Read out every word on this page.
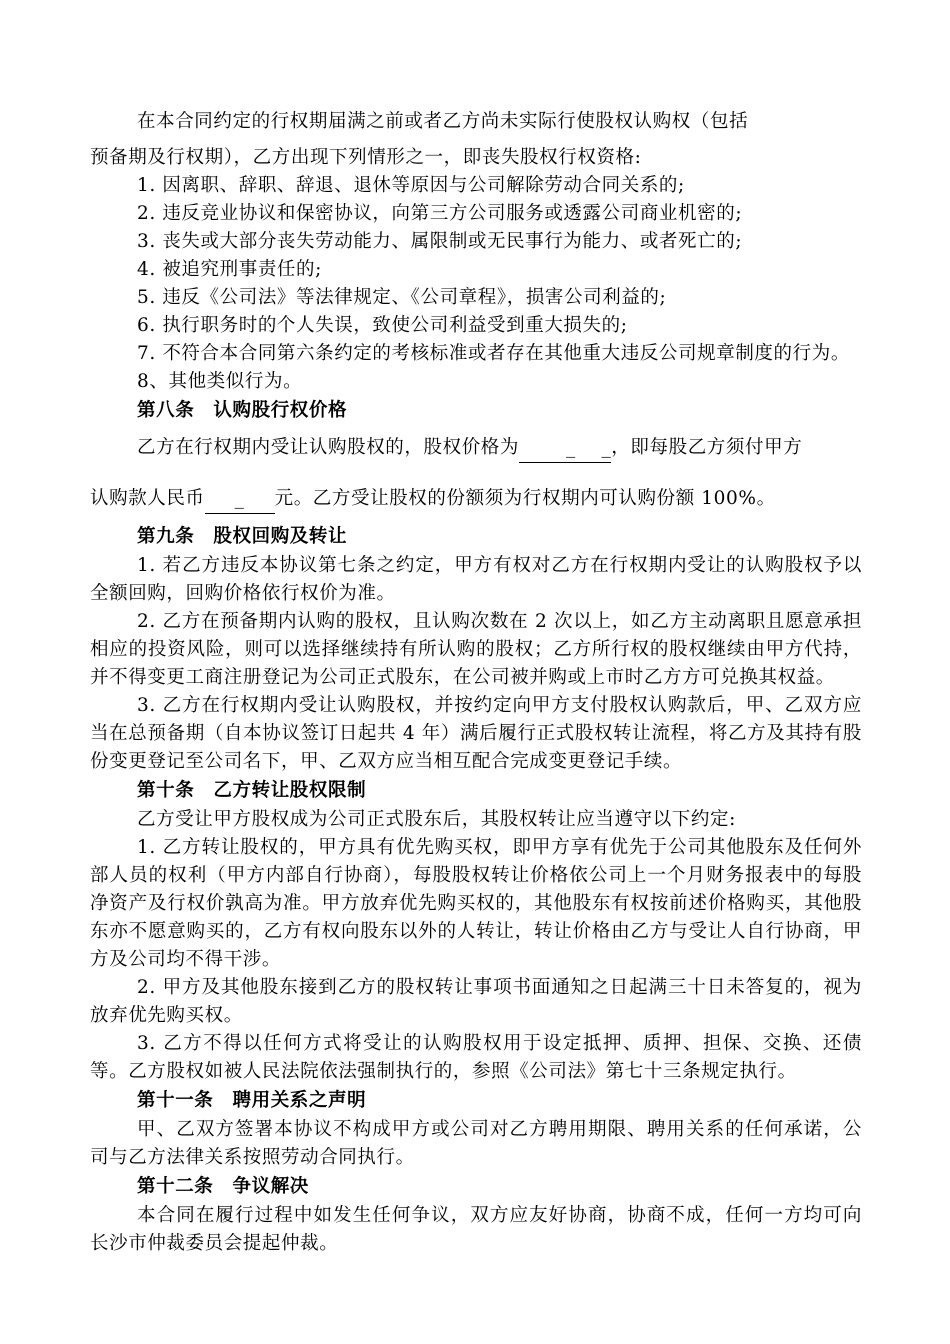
在本合同约定的行权期届满之前或者乙方尚未实际行使股权认购权（包括

预备期及行权期），乙方出现下列情形之一，即丧失股权行权资格:

1. 因离职、辞职、辞退、退休等原因与公司解除劳动合同关系的;

2. 违反竞业协议和保密协议，向第三方公司服务或透露公司商业机密的;

3. 丧失或大部分丧失劳动能力、属限制或无民事行为能力、或者死亡的;

4. 被追究刑事责任的;

5. 违反《公司法》等法律规定、《公司章程》，损害公司利益的;

6. 执行职务时的个人失误，致使公司利益受到重大损失的;

7. 不符合本合同第六条约定的考核标准或者存在其他重大违反公司规章制度的行为。

8、其他类似行为。

第八条　认购股行权价格

乙方在行权期内受让认购股权的，股权价格为	_　 _，即每股乙方须付甲方

认购款人民币 _ 元。乙方受让股权的份额须为行权期内可认购份额 100%。

第九条　股权回购及转让

1. 若乙方违反本协议第七条之约定，甲方有权对乙方在行权期内受让的认购股权予以全额回购，回购价格依行权价为准。

2. 乙方在预备期内认购的股权，且认购次数在 2 次以上，如乙方主动离职且愿意承担相应的投资风险，则可以选择继续持有所认购的股权；乙方所行权的股权继续由甲方代持，并不得变更工商注册登记为公司正式股东，在公司被并购或上市时乙方方可兑换其权益。

3. 乙方在行权期内受让认购股权，并按约定向甲方支付股权认购款后，甲、乙双方应当在总预备期（自本协议签订日起共 4 年）满后履行正式股权转让流程，将乙方及其持有股份变更登记至公司名下，甲、乙双方应当相互配合完成变更登记手续。

第十条　乙方转让股权限制

乙方受让甲方股权成为公司正式股东后，其股权转让应当遵守以下约定:

1. 乙方转让股权的，甲方具有优先购买权，即甲方享有优先于公司其他股东及任何外部人员的权利（甲方内部自行协商），每股股权转让价格依公司上一个月财务报表中的每股净资产及行权价孰高为准。甲方放弃优先购买权的，其他股东有权按前述价格购买，其他股东亦不愿意购买的，乙方有权向股东以外的人转让，转让价格由乙方与受让人自行协商，甲方及公司均不得干涉。

2. 甲方及其他股东接到乙方的股权转让事项书面通知之日起满三十日未答复的，视为放弃优先购买权。

3. 乙方不得以任何方式将受让的认购股权用于设定抵押、质押、担保、交换、还债等。乙方股权如被人民法院依法强制执行的，参照《公司法》第七十三条规定执行。

第十一条　聘用关系之声明

甲、乙双方签署本协议不构成甲方或公司对乙方聘用期限、聘用关系的任何承诺，公司与乙方法律关系按照劳动合同执行。

第十二条　争议解决

本合同在履行过程中如发生任何争议，双方应友好协商，协商不成，任何一方均可向长沙市仲裁委员会提起仲裁。
